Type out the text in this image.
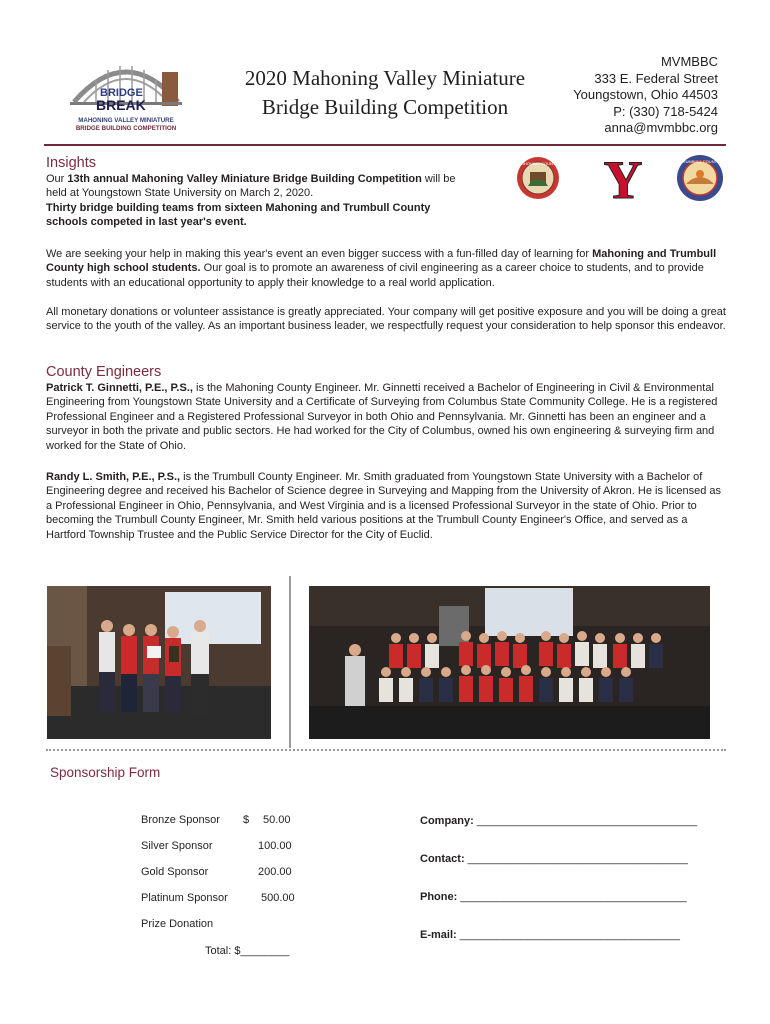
BRIDGE
BREAK
MAHONING VALLEY MINIATURE
BRIDGE BUILDING COMPETITION
2020 Mahoning Valley Miniature
Bridge Building Competition
MVMBBC
333 E. Federal Street
Youngstown, Ohio 44503
P: (330) 718-5424
anna@mvmbbc.org
MAHONING COUNTY Y	TRUMBULL COUNTY
Insights
Our 13th annual Mahoning Valley Miniature Bridge Building Competition will be held at Youngstown State University on March 2, 2020.
Thirty bridge building teams from sixteen Mahoning and Trumbull County schools competed in last year's event.
We are seeking your help in making this year's event an even bigger success with a fun-filled day of learning for Mahoning and Trumbull County high school students. Our goal is to promote an awareness of civil engineering as a career choice to students, and to provide students with an educational opportunity to apply their knowledge to a real world application.
All monetary donations or volunteer assistance is greatly appreciated. Your company will get positive exposure and you will be doing a great service to the youth of the valley. As an important business leader, we respectfully request your consideration to help sponsor this endeavor.
County Engineers
Patrick T. Ginnetti, P.E., P.S., is the Mahoning County Engineer. Mr. Ginnetti received a Bachelor of Engineering in Civil & Environmental Engineering from Youngstown State University and a Certificate of Surveying from Columbus State Community College. He is a registered Professional Engineer and a Registered Professional Surveyor in both Ohio and Pennsylvania. Mr. Ginnetti has been an engineer and a surveyor in both the private and public sectors. He had worked for the City of Columbus, owned his own engineering & surveying firm and worked for the State of Ohio.
Randy L. Smith, P.E., P.S., is the Trumbull County Engineer. Mr. Smith graduated from Youngstown State University with a Bachelor of Engineering degree and received his Bachelor of Science degree in Surveying and Mapping from the University of Akron. He is licensed as a Professional Engineer in Ohio, Pennsylvania, and West Virginia and is a licensed Professional Surveyor in the state of Ohio. Prior to becoming the Trumbull County Engineer, Mr. Smith held various positions at the Trumbull County Engineer's Office, and served as a Hartford Township Trustee and the Public Service Director for the City of Euclid.
Sponsorship Form
Bronze Sponsor $ 50.00
Silver Sponsor	100.00
Gold Sponsor	200.00
Platinum Sponsor	500.00
Prize Donation
Total: $________
Company: ____________________________________
Contact: ____________________________________
Phone: _____________________________________
E-mail: ____________________________________
